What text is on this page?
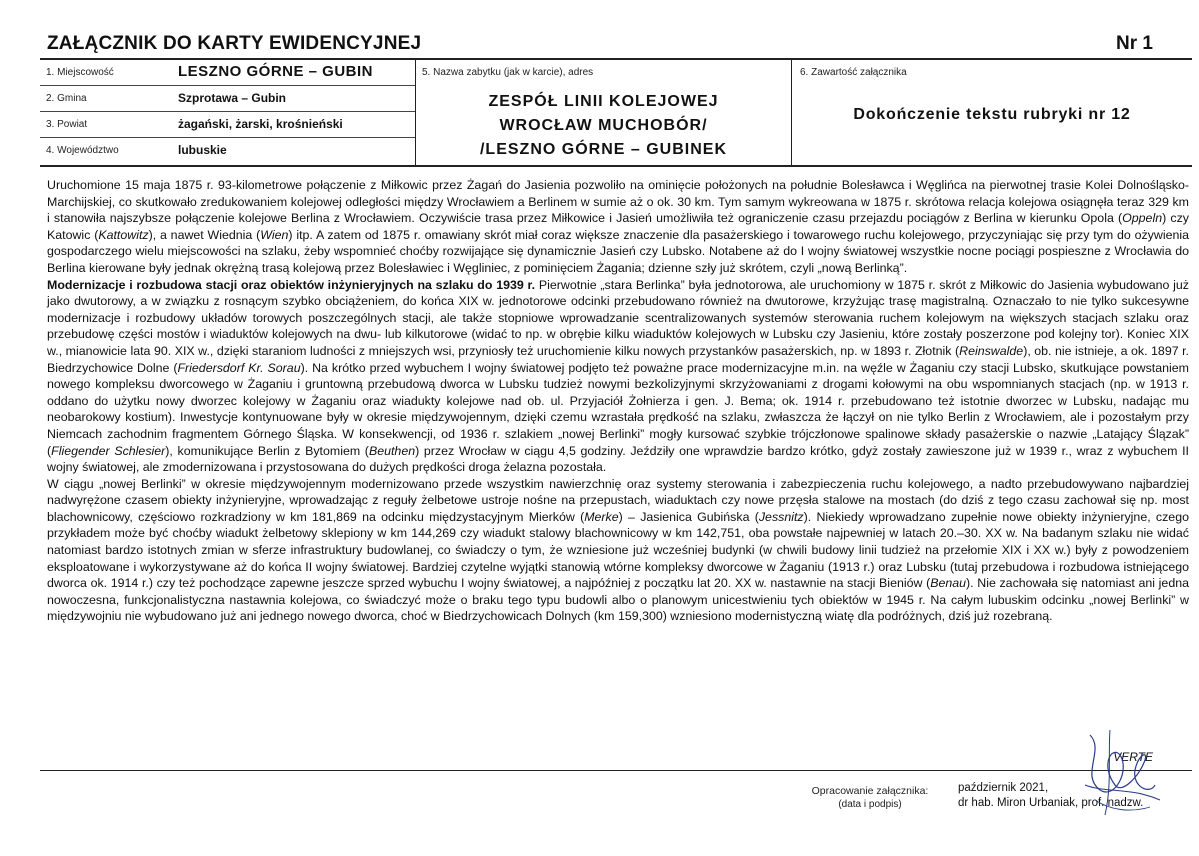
ZAŁĄCZNIK DO KARTY EWIDENCYJNEJ	Nr 1
1. Miejscowość	LESZNO GÓRNE – GUBIN
2. Gmina	Szprotawa – Gubin
3. Powiat	żagański, żarski, krośnieński
4. Województwo	lubuskie
5. Nazwa zabytku (jak w karcie), adres
ZESPÓŁ LINII KOLEJOWEJ
WROCŁAW MUCHOBÓR/
/LESZNO GÓRNE – GUBINEK
6. Zawartość załącznika
Dokończenie tekstu rubryki nr 12

Uruchomione 15 maja 1875 r. 93-kilometrowe połączenie z Miłkowic przez Żagań do Jasienia pozwoliło na ominięcie położonych na południe Bolesławca i Węglińca na pierwotnej trasie Kolei Dolnośląsko-Marchijskiej, co skutkowało zredukowaniem kolejowej odległości między Wrocławiem a Berlinem w sumie aż o ok. 30 km. Tym samym wykreowana w 1875 r. skrótowa relacja kolejowa osiągnęła teraz 329 km i stanowiła najszybsze połączenie kolejowe Berlina z Wrocławiem. Oczywiście trasa przez Miłkowice i Jasień umożliwiła też ograniczenie czasu przejazdu pociągów z Berlina w kierunku Opola (Oppeln) czy Katowic (Kattowitz), a nawet Wiednia (Wien) itp. A zatem od 1875 r. omawiany skrót miał coraz większe znaczenie dla pasażerskiego i towarowego ruchu kolejowego, przyczyniając się przy tym do ożywienia gospodarczego wielu miejscowości na szlaku, żeby wspomnieć choćby rozwijające się dynamicznie Jasień czy Lubsko. Notabene aż do I wojny światowej wszystkie nocne pociągi pospieszne z Wrocławia do Berlina kierowane były jednak okrężną trasą kolejową przez Bolesławiec i Węgliniec, z pominięciem Żagania; dzienne szły już skrótem, czyli „nową Berlinką”.

Modernizacje i rozbudowa stacji oraz obiektów inżynieryjnych na szlaku do 1939 r. Pierwotnie „stara Berlinka” była jednotorowa, ale uruchomiony w 1875 r. skrót z Miłkowic do Jasienia wybudowano już jako dwutorowy, a w związku z rosnącym szybko obciążeniem, do końca XIX w. jednotorowe odcinki przebudowano również na dwutorowe, krzyżując trasę magistralną. Oznaczało to nie tylko sukcesywne modernizacje i rozbudowy układów torowych poszczególnych stacji, ale także stopniowe wprowadzanie scentralizowanych systemów sterowania ruchem kolejowym na większych stacjach szlaku oraz przebudowę części mostów i wiaduktów kolejowych na dwu- lub kilkutorowe (widać to np. w obrębie kilku wiaduktów kolejowych w Lubsku czy Jasieniu, które zostały poszerzone pod kolejny tor). Koniec XIX w., mianowicie lata 90. XIX w., dzięki staraniom ludności z mniejszych wsi, przyniosły też uruchomienie kilku nowych przystanków pasażerskich, np. w 1893 r. Złotnik (Reinswalde), ob. nie istnieje, a ok. 1897 r. Biedrzychowice Dolne (Friedersdorf Kr. Sorau). Na krótko przed wybuchem I wojny światowej podjęto też poważne prace modernizacyjne m.in. na węźle w Żaganiu czy stacji Lubsko, skutkujące powstaniem nowego kompleksu dworcowego w Żaganiu i gruntowną przebudową dworca w Lubsku tudzież nowymi bezkolizyjnymi skrzyżowaniami z drogami kołowymi na obu wspomnianych stacjach (np. w 1913 r. oddano do użytku nowy dworzec kolejowy w Żaganiu oraz wiadukty kolejowe nad ob. ul. Przyjaciół Żołnierza i gen. J. Bema; ok. 1914 r. przebudowano też istotnie dworzec w Lubsku, nadając mu neobarokowy kostium). Inwestycje kontynuowane były w okresie międzywojennym, dzięki czemu wzrastała prędkość na szlaku, zwłaszcza że łączył on nie tylko Berlin z Wrocławiem, ale i pozostałym przy Niemcach zachodnim fragmentem Górnego Śląska. W konsekwencji, od 1936 r. szlakiem „nowej Berlinki” mogły kursować szybkie trójczłonowe spalinowe składy pasażerskie o nazwie „Latający Ślązak” (Fliegender Schlesier), komunikujące Berlin z Bytomiem (Beuthen) przez Wrocław w ciągu 4,5 godziny. Jeździły one wprawdzie bardzo krótko, gdyż zostały zawieszone już w 1939 r., wraz z wybuchem II wojny światowej, ale zmodernizowana i przystosowana do dużych prędkości droga żelazna pozostała.

W ciągu „nowej Berlinki” w okresie międzywojennym modernizowano przede wszystkim nawierzchnię oraz systemy sterowania i zabezpieczenia ruchu kolejowego, a nadto przebudowywano najbardziej nadwyrężone czasem obiekty inżynieryjne, wprowadzając z reguły żelbetowe ustroje nośne na przepustach, wiaduktach czy nowe przęsła stalowe na mostach (do dziś z tego czasu zachował się np. most blachownicowy, częściowo rozkradziony w km 181,869 na odcinku międzystacyjnym Mierków (Merke) – Jasienica Gubińska (Jessnitz). Niekiedy wprowadzano zupełnie nowe obiekty inżynieryjne, czego przykładem może być choćby wiadukt żelbetowy sklepiony w km 144,269 czy wiadukt stalowy blachownicowy w km 142,751, oba powstałe najpewniej w latach 20.–30. XX w. Na badanym szlaku nie widać natomiast bardzo istotnych zmian w sferze infrastruktury budowlanej, co świadczy o tym, że wzniesione już wcześniej budynki (w chwili budowy linii tudzież na przełomie XIX i XX w.) były z powodzeniem eksploatowane i wykorzystywane aż do końca II wojny światowej. Bardziej czytelne wyjątki stanowią wtórne kompleksy dworcowe w Żaganiu (1913 r.) oraz Lubsku (tutaj przebudowa i rozbudowa istniejącego dworca ok. 1914 r.) czy też pochodzące zapewne jeszcze sprzed wybuchu I wojny światowej, a najpóźniej z początku lat 20. XX w. nastawnie na stacji Bieniów (Benau). Nie zachowała się natomiast ani jedna nowoczesna, funkcjonalistyczna nastawnia kolejowa, co świadczyć może o braku tego typu budowli albo o planowym unicestwieniu tych obiektów w 1945 r. Na całym lubuskim odcinku „nowej Berlinki” w międzywojniu nie wybudowano już ani jednego nowego dworca, choć w Biedrzychowicach Dolnych (km 159,300) wzniesiono modernistyczną wiatę dla podróżnych, dziś już rozebraną.

VERTE
Opracowanie załącznika:
(data i podpis)
październik 2021,
dr hab. Miron Urbaniak, prof. nadzw.
